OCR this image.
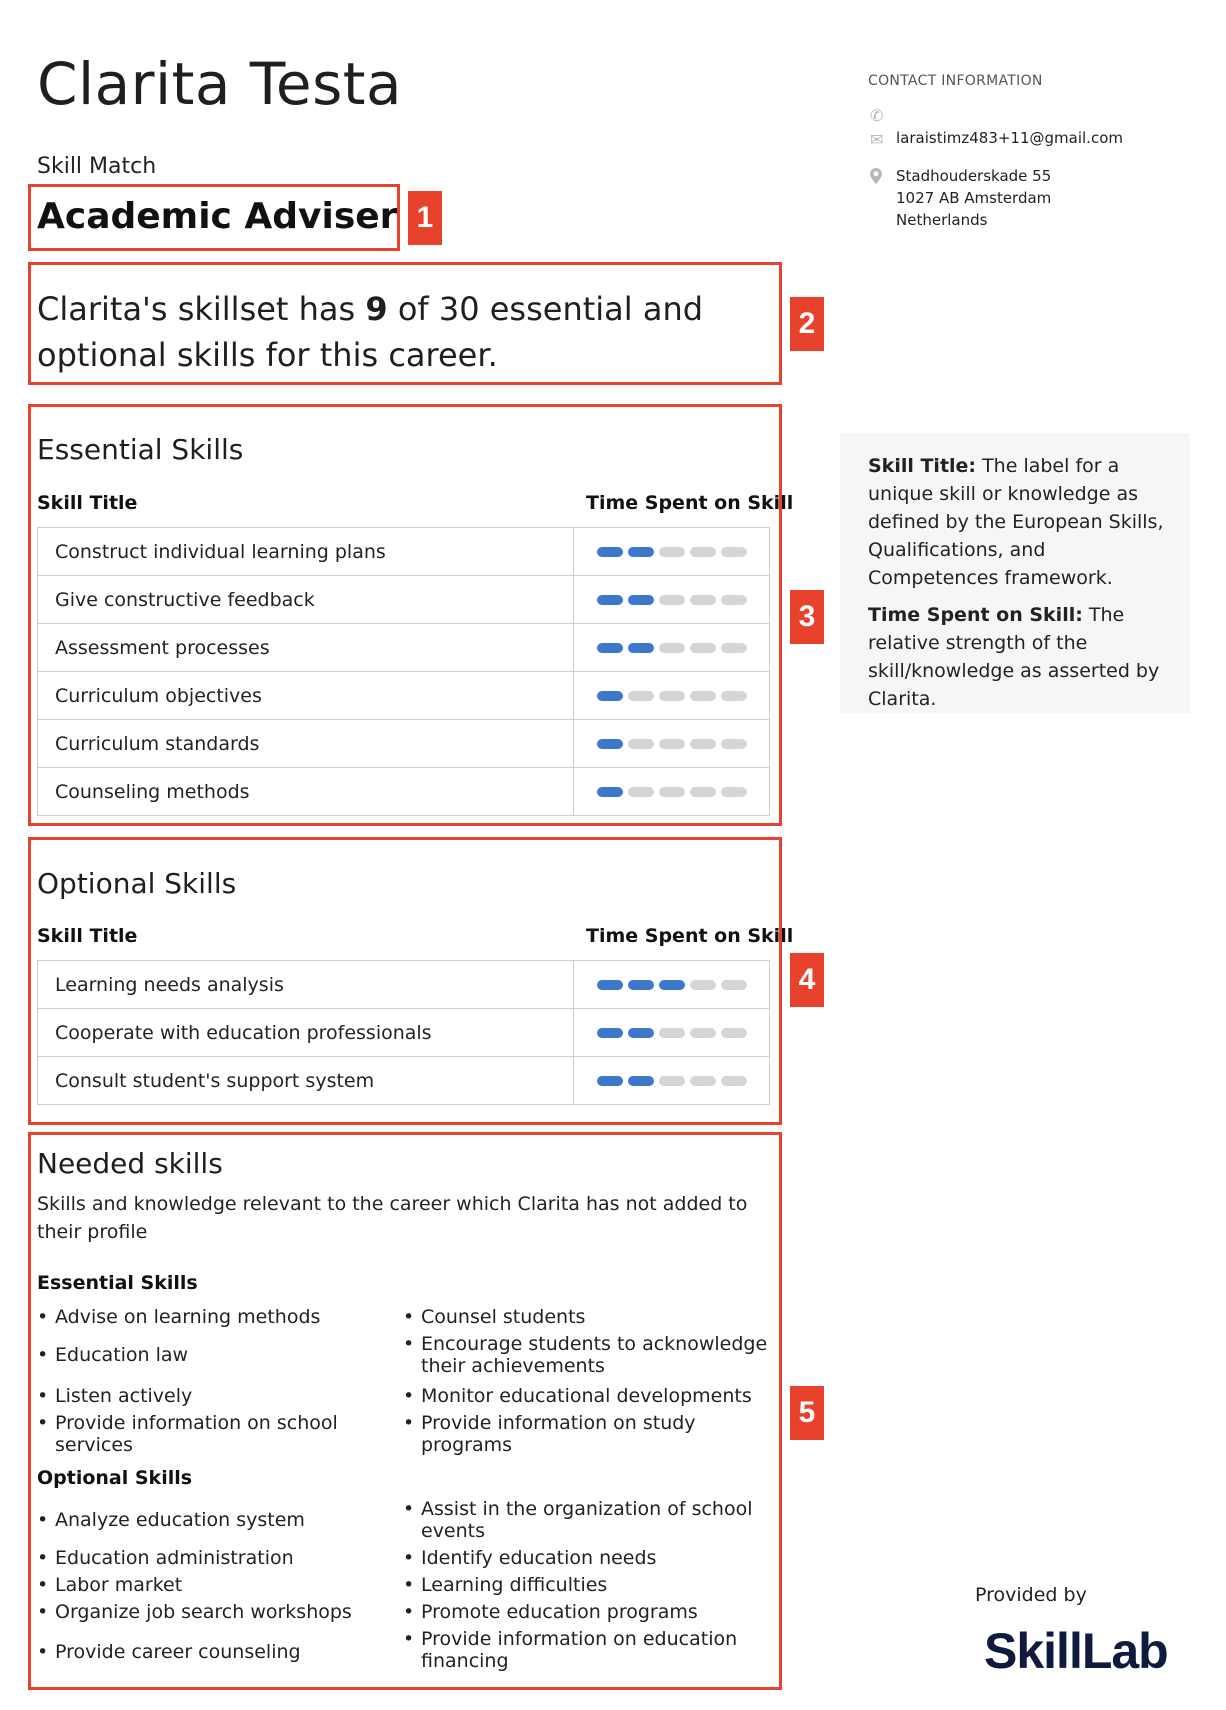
Clarita Testa
Skill Match
Academic Adviser
Clarita's skillset has 9 of 30 essential and optional skills for this career.
CONTACT INFORMATION
✆
✉ laraistimz483+11@gmail.com
Stadhouderskade 55
1027 AB Amsterdam
Netherlands
Skill Title: The label for a unique skill or knowledge as defined by the European Skills, Qualifications, and Competences framework.
Time Spent on Skill: The relative strength of the skill/knowledge as asserted by Clarita.
Essential Skills
Skill Title	Time Spent on Skill
Construct individual learning plans	

Give constructive feedback	

Assessment processes	

Curriculum objectives	

Curriculum standards	

Counseling methods	
Optional Skills
Skill Title	Time Spent on Skill
Learning needs analysis	

Cooperate with education professionals	

Consult student's support system	
Needed skills
Skills and knowledge relevant to the career which Clarita has not added to their profile
Essential Skills
• Advise on learning methods
• Education law
• Listen actively
• Provide information on school services
• Counsel students
• Encourage students to acknowledge their achievements
• Monitor educational developments
• Provide information on study programs
Optional Skills
• Analyze education system
• Education administration
• Labor market
• Organize job search workshops
• Provide career counseling
• Assist in the organization of school events
• Identify education needs
• Learning difficulties
• Promote education programs
• Provide information on education financing
Provided by
SkillLab
1
2
3
4
5
